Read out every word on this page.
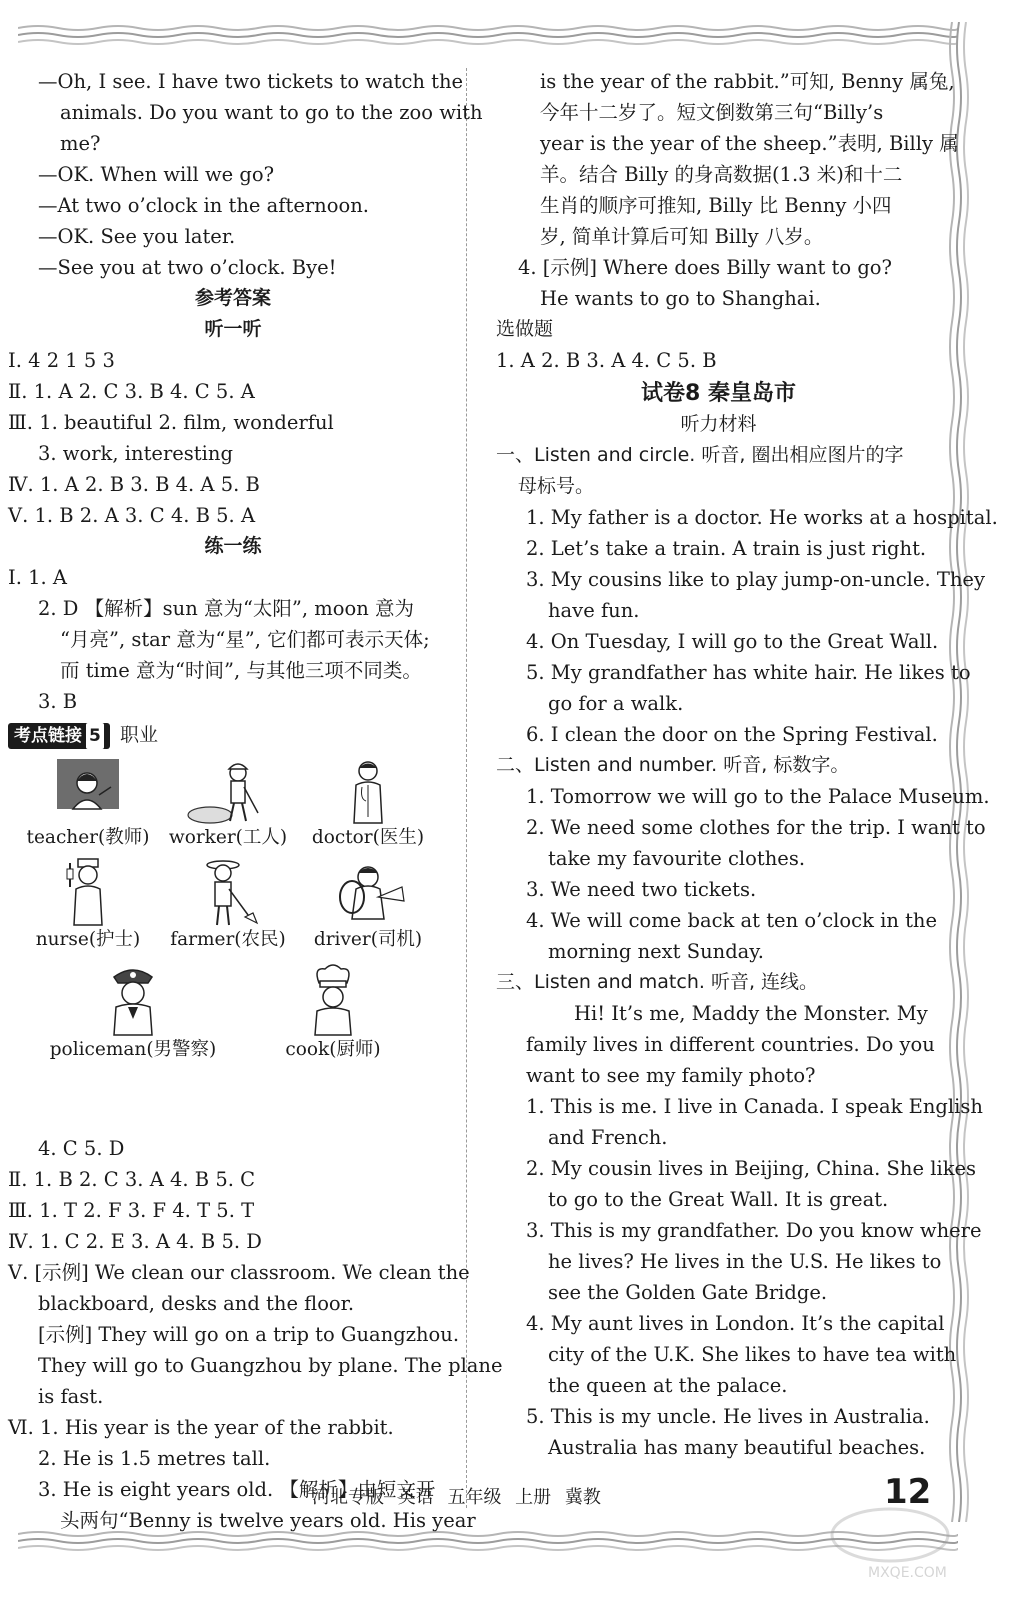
—Oh, I see. I have two tickets to watch the
animals. Do you want to go to the zoo with
me?
—OK. When will we go?
—At two o’clock in the afternoon.
—OK. See you later.
—See you at two o’clock. Bye!
参考答案
听一听
Ⅰ. 4 2 1 5 3
Ⅱ. 1. A 2. C 3. B 4. C 5. A
Ⅲ. 1. beautiful 2. film, wonderful
3. work, interesting
Ⅳ. 1. A 2. B 3. B 4. A 5. B
Ⅴ. 1. B 2. A 3. C 4. B 5. A
练一练
Ⅰ. 1. A
2. D 【解析】sun 意为“太阳”, moon 意为
“月亮”, star 意为“星”, 它们都可表示天体;
而 time 意为“时间”, 与其他三项不同类。
3. B
考点链接 5 职业
teacher(教师)	worker(工人)	doctor(医生)
nurse(护士)	farmer(农民)	driver(司机)
policeman(男警察)	cook(厨师)
4. C 5. D
Ⅱ. 1. B 2. C 3. A 4. B 5. C
Ⅲ. 1. T 2. F 3. F 4. T 5. T
Ⅳ. 1. C 2. E 3. A 4. B 5. D
Ⅴ. [示例] We clean our classroom. We clean the
blackboard, desks and the floor.
[示例] They will go on a trip to Guangzhou.
They will go to Guangzhou by plane. The plane
is fast.
Ⅵ. 1. His year is the year of the rabbit.
2. He is 1.5 metres tall.
3. He is eight years old. 【解析】由短文开
头两句“Benny is twelve years old. His year
is the year of the rabbit.”可知, Benny 属兔,
今年十二岁了。短文倒数第三句“Billy’s
year is the year of the sheep.”表明, Billy 属
羊。结合 Billy 的身高数据(1.3 米)和十二
生肖的顺序可推知, Billy 比 Benny 小四
岁, 简单计算后可知 Billy 八岁。
4. [示例] Where does Billy want to go?
He wants to go to Shanghai.
选做题
1. A 2. B 3. A 4. C 5. B
试卷8 秦皇岛市
听力材料
一、Listen and circle. 听音, 圈出相应图片的字
母标号。
1. My father is a doctor. He works at a hospital.
2. Let’s take a train. A train is just right.
3. My cousins like to play jump-on-uncle. They
have fun.
4. On Tuesday, I will go to the Great Wall.
5. My grandfather has white hair. He likes to
go for a walk.
6. I clean the door on the Spring Festival.
二、Listen and number. 听音, 标数字。
1. Tomorrow we will go to the Palace Museum.
2. We need some clothes for the trip. I want to
take my favourite clothes.
3. We need two tickets.
4. We will come back at ten o’clock in the
morning next Sunday.
三、Listen and match. 听音, 连线。
Hi! It’s me, Maddy the Monster. My
family lives in different countries. Do you
want to see my family photo?
1. This is me. I live in Canada. I speak English
and French.
2. My cousin lives in Beijing, China. She likes
to go to the Great Wall. It is great.
3. This is my grandfather. Do you know where
he lives? He lives in the U.S. He likes to
see the Golden Gate Bridge.
4. My aunt lives in London. It’s the capital
city of the U.K. She likes to have tea with
the queen at the palace.
5. This is my uncle. He lives in Australia.
Australia has many beautiful beaches.
河北专版 英语 五年级 上册 冀教	12
MXQE.COM
